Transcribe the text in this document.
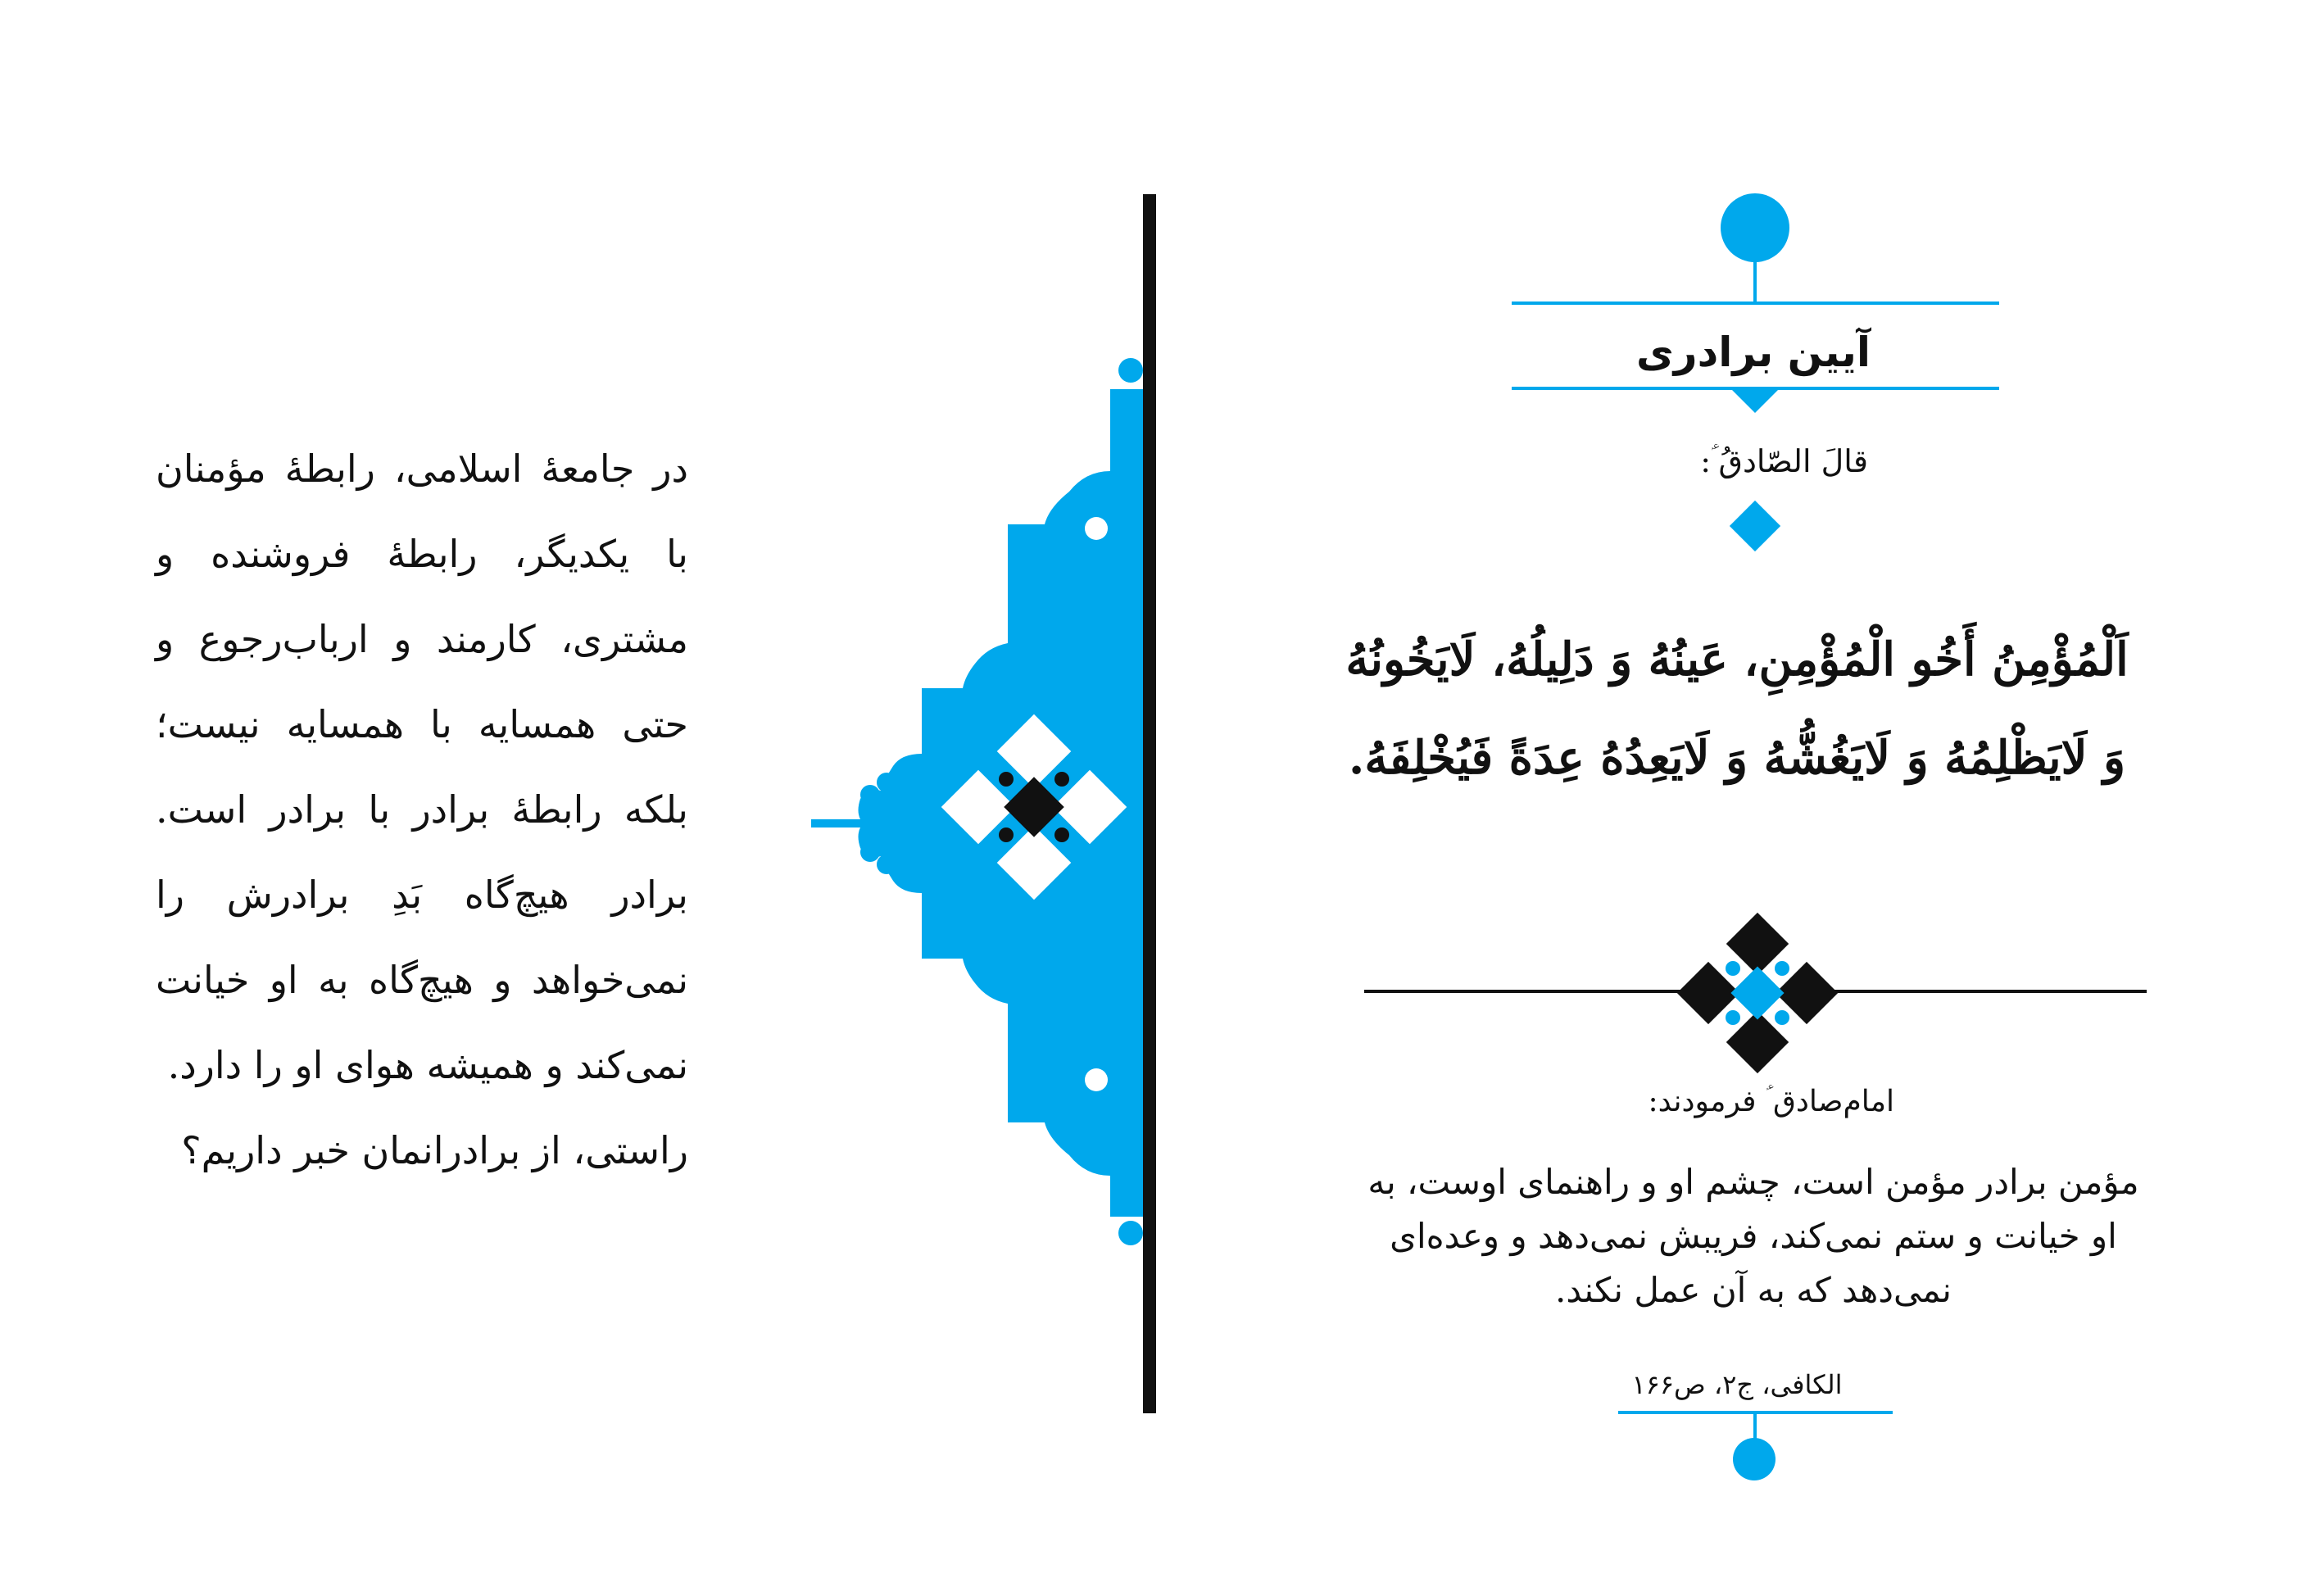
در جامعهٔ اسلامی، رابطهٔ مؤمنان با یکدیگر، رابطهٔ فروشنده و مشتری، کارمند و ارباب‌رجوع و حتی همسایه با همسایه نیست؛ بلکه رابطهٔ برادر با برادر است. برادر هیچ‌گاه بَدِ برادرش را نمی‌خواهد و هیچ‌گاه به او خیانت نمی‌کند و همیشه هوای او را دارد.

راستی، از برادرانمان خبر داریم؟

آیین برادری
قالَ الصّادقُ ؑ:
اَلْمُؤْمِنُ أَخُو الْمُؤْمِنِ، عَينُهُ وَ دَلِيلُهُ، لَايَخُونُهُ وَ لَايَظْلِمُهُ وَ لَايَغُشُّهُ وَ لَايَعِدُهُ عِدَةً فَيُخْلِفَهُ.
امام‌صادق ؑ فرمودند:
مؤمن برادر مؤمن است، چشم او و راهنمای اوست، به او خیانت و ستم نمی‌کند، فریبش نمی‌دهد و وعده‌ای نمی‌دهد که به آن عمل نکند.
الکافی، ج۲، ص۱۶۶
